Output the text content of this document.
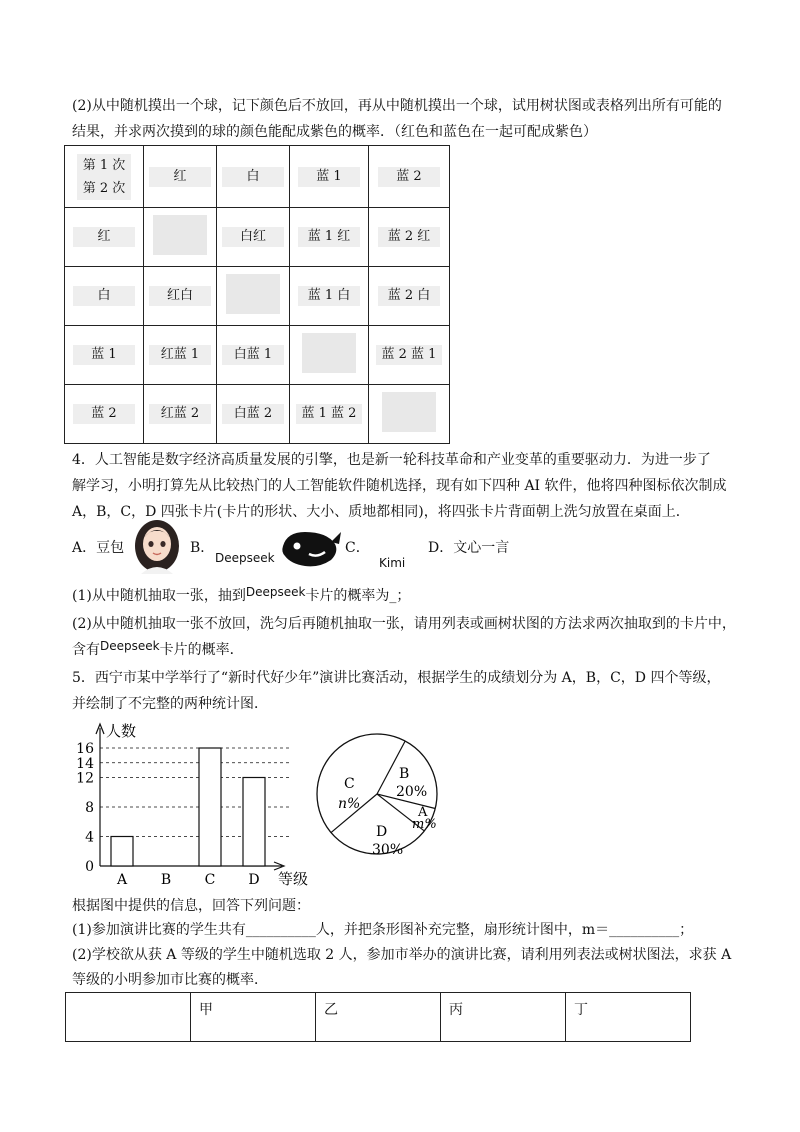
(2)从中随机摸出一个球，记下颜色后不放回，再从中随机摸出一个球，试用树状图或表格列出所有可能的
结果，并求两次摸到的球的颜色能配成紫色的概率．（红色和蓝色在一起可配成紫色）
第 1 次
第 2 次	红	白	蓝 1	蓝 2
红		白红	蓝 1 红	蓝 2 红
白	红白		蓝 1 白	蓝 2 白
蓝 1	红蓝 1	白蓝 1		蓝 2 蓝 1
蓝 2	红蓝 2	白蓝 2	蓝 1 蓝 2	
4．人工智能是数字经济高质量发展的引擎，也是新一轮科技革命和产业变革的重要驱动力．为进一步了
解学习，小明打算先从比较热门的人工智能软件随机选择，现有如下四种 AI 软件，他将四种图标依次制成
A，B，C，D 四张卡片(卡片的形状、大小、质地都相同)，将四张卡片背面朝上洗匀放置在桌面上．
A．豆包	B．
Deepseek
C．
Kimi
D．文心一言
(1)从中随机抽取一张，抽到Deepseek卡片的概率为_；
(2)从中随机抽取一张不放回，洗匀后再随机抽取一张，请用列表或画树状图的方法求两次抽取到的卡片中，
含有Deepseek卡片的概率．
5．西宁市某中学举行了“新时代好少年”演讲比赛活动，根据学生的成绩划分为 A，B，C，D 四个等级，
并绘制了不完整的两种统计图．
人数
等级
0
4
8
12
14
16
A B C D
C
n%
B
20%
A
m%
D
30%
根据图中提供的信息，回答下列问题：
(1)参加演讲比赛的学生共有__________人，并把条形图补充完整，扇形统计图中，m＝__________；
(2)学校欲从获 A 等级的学生中随机选取 2 人，参加市举办的演讲比赛，请利用列表法或树状图法，求获 A
等级的小明参加市比赛的概率．
	甲	乙	丙	丁
